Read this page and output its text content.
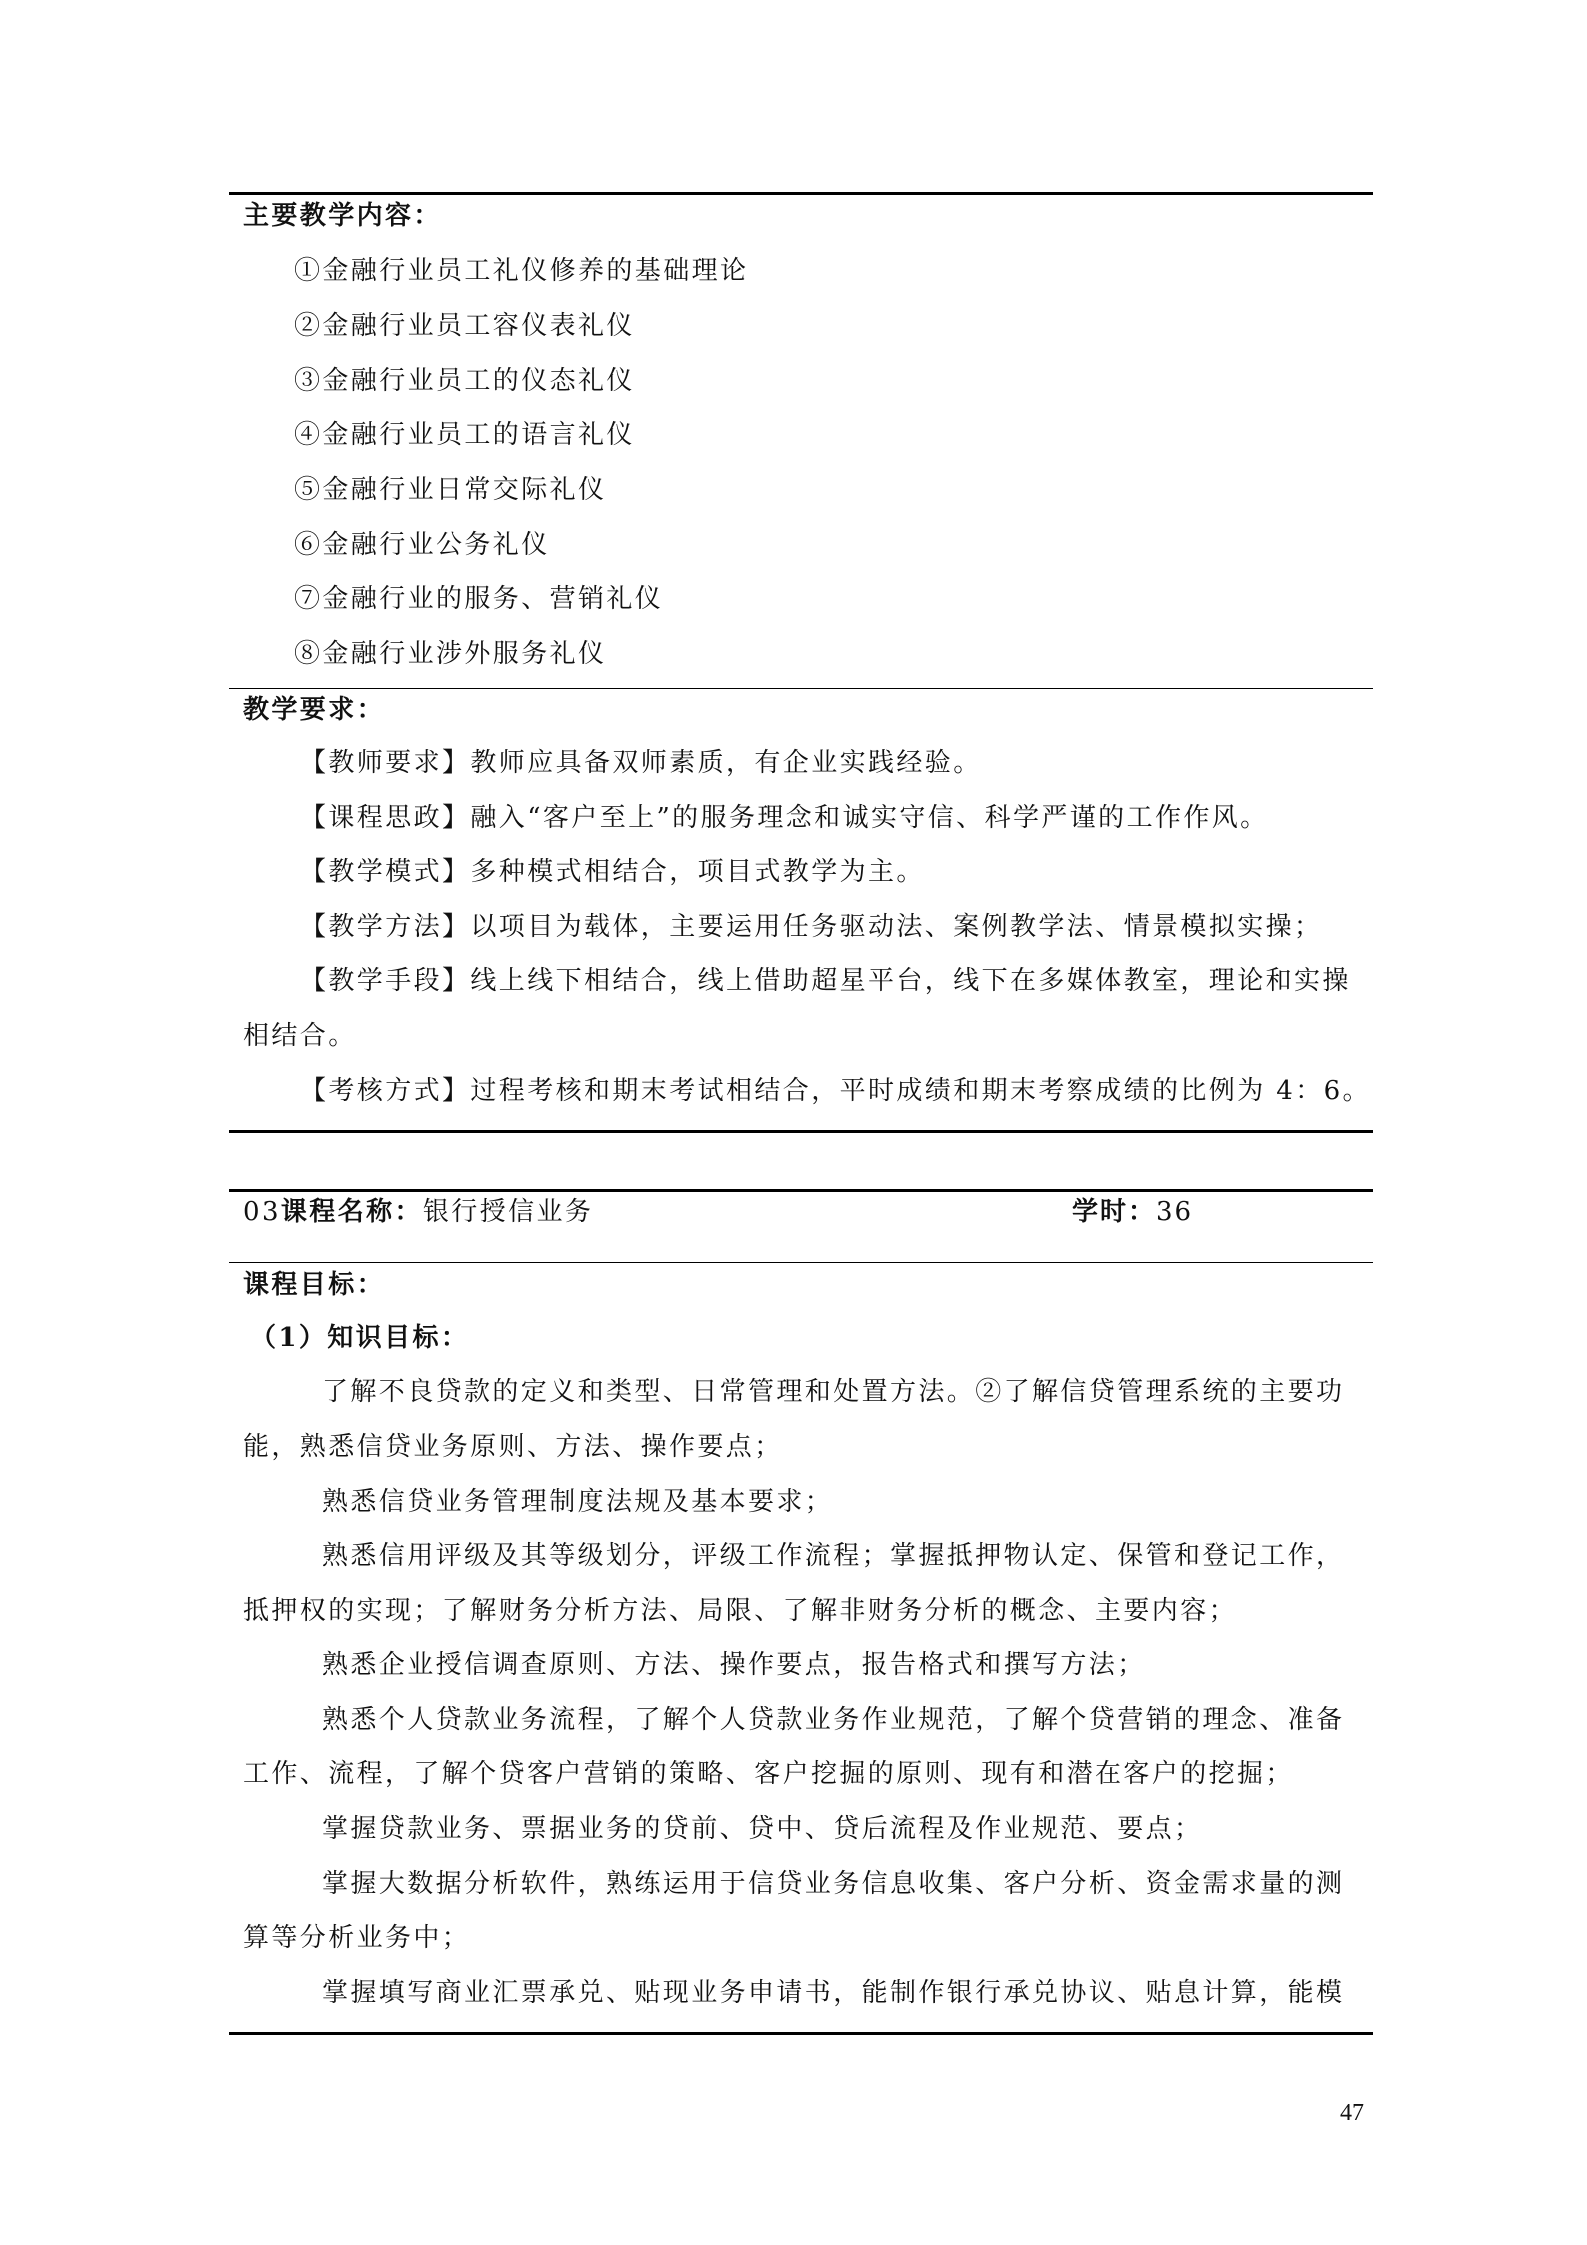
主要教学内容：
①金融行业员工礼仪修养的基础理论
②金融行业员工容仪表礼仪
③金融行业员工的仪态礼仪
④金融行业员工的语言礼仪
⑤金融行业日常交际礼仪
⑥金融行业公务礼仪
⑦金融行业的服务、营销礼仪
⑧金融行业涉外服务礼仪
教学要求：
【教师要求】教师应具备双师素质，有企业实践经验。
【课程思政】融入“客户至上”的服务理念和诚实守信、科学严谨的工作作风。
【教学模式】多种模式相结合，项目式教学为主。
【教学方法】以项目为载体，主要运用任务驱动法、案例教学法、情景模拟实操；
【教学手段】线上线下相结合，线上借助超星平台，线下在多媒体教室，理论和实操
相结合。
【考核方式】过程考核和期末考试相结合，平时成绩和期末考察成绩的比例为 4：6。
03课程名称：银行授信业务	学时：36
课程目标：
（1）知识目标：
了解不良贷款的定义和类型、日常管理和处置方法。②了解信贷管理系统的主要功
能，熟悉信贷业务原则、方法、操作要点；
熟悉信贷业务管理制度法规及基本要求；
熟悉信用评级及其等级划分，评级工作流程；掌握抵押物认定、保管和登记工作，
抵押权的实现；了解财务分析方法、局限、了解非财务分析的概念、主要内容；
熟悉企业授信调查原则、方法、操作要点，报告格式和撰写方法；
熟悉个人贷款业务流程，了解个人贷款业务作业规范，了解个贷营销的理念、准备
工作、流程，了解个贷客户营销的策略、客户挖掘的原则、现有和潜在客户的挖掘；
掌握贷款业务、票据业务的贷前、贷中、贷后流程及作业规范、要点；
掌握大数据分析软件，熟练运用于信贷业务信息收集、客户分析、资金需求量的测
算等分析业务中；
掌握填写商业汇票承兑、贴现业务申请书，能制作银行承兑协议、贴息计算，能模
47
